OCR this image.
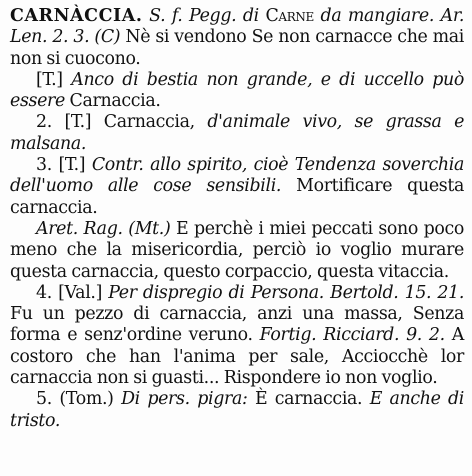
CARNÀCCIA. S. f. Pegg. di Carne da mangiare. Ar. Len. 2. 3. (C) Nè si vendono Se non carnacce che mai non si cuocono.

[T.] Anco di bestia non grande, e di uccello può essere Carnaccia.

2. [T.] Carnaccia, d'animale vivo, se grassa e malsana.

3. [T.] Contr. allo spirito, cioè Tendenza soverchia dell'uomo alle cose sensibili. Mortificare questa carnaccia.

Aret. Rag. (Mt.) E perchè i miei peccati sono poco meno che la misericordia, perciò io voglio murare questa carnaccia, questo corpaccio, questa vitaccia.

4. [Val.] Per dispregio di Persona. Bertold. 15. 21. Fu un pezzo di carnaccia, anzi una massa, Senza forma e senz'ordine veruno. Fortig. Ricciard. 9. 2. A costoro che han l'anima per sale, Acciocchè lor carnaccia non si guasti... Rispondere io non voglio.

5. (Tom.) Di pers. pigra: È carnaccia. E anche di tristo.
